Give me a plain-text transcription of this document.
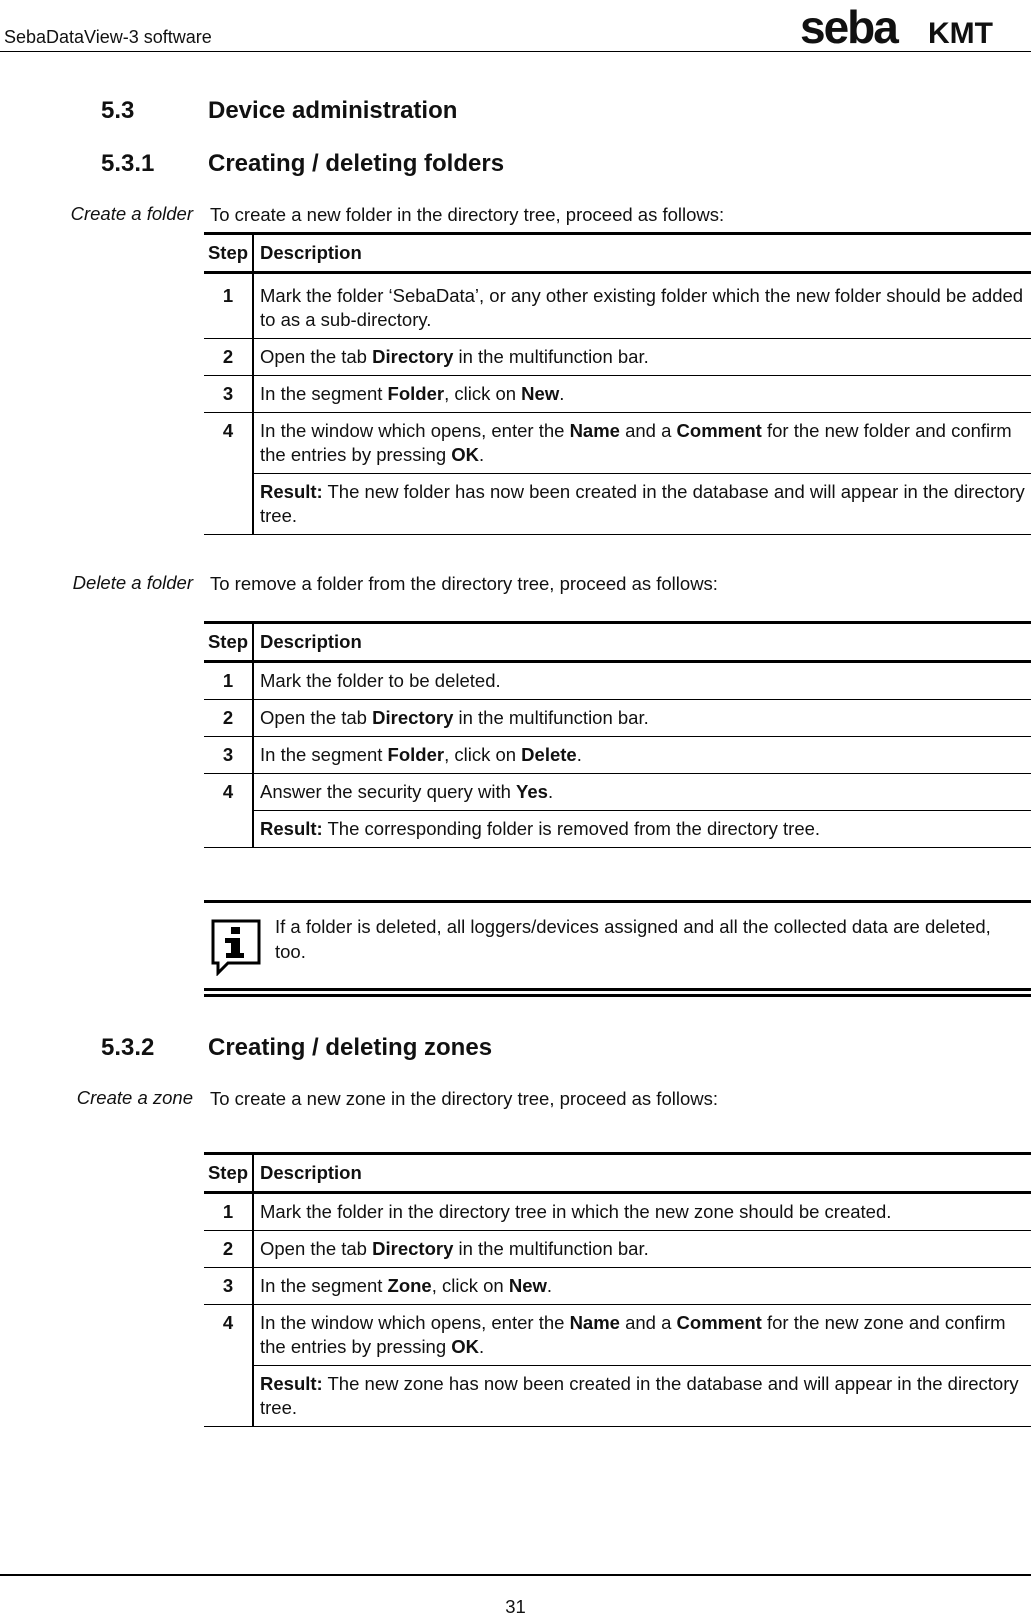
SebaDataView-3 software	seba KMT
5.3	Device administration
5.3.1 Creating / deleting folders
Create a folder To create a new folder in the directory tree, proceed as follows:
Step	Description
1	Mark the folder ‘SebaData’, or any other existing folder which the new folder should be added to as a sub-directory.
2	Open the tab Directory in the multifunction bar.
3	In the segment Folder, click on New.
4	In the window which opens, enter the Name and a Comment for the new folder and confirm the entries by pressing OK.
	Result: The new folder has now been created in the database and will appear in the directory tree.
Delete a folder To remove a folder from the directory tree, proceed as follows:
Step	Description
1	Mark the folder to be deleted.
2	Open the tab Directory in the multifunction bar.
3	In the segment Folder, click on Delete.
4	Answer the security query with Yes.
	Result: The corresponding folder is removed from the directory tree.
If a folder is deleted, all loggers/devices assigned and all the collected data are deleted, too.
5.3.2 Creating / deleting zones
Create a zone To create a new zone in the directory tree, proceed as follows:
Step	Description
1	Mark the folder in the directory tree in which the new zone should be created.
2	Open the tab Directory in the multifunction bar.
3	In the segment Zone, click on New.
4	In the window which opens, enter the Name and a Comment for the new zone and confirm the entries by pressing OK.
	Result: The new zone has now been created in the database and will appear in the directory tree.
31
